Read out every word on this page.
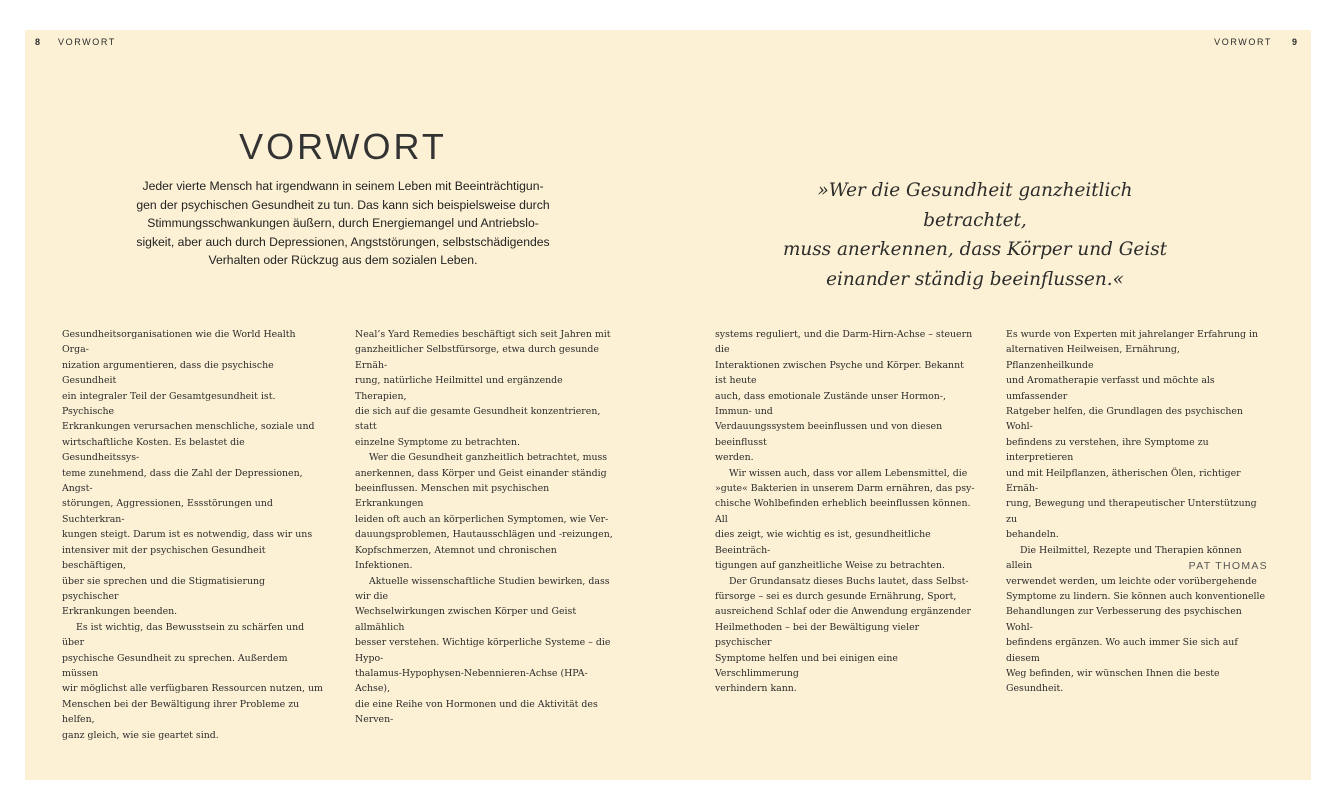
8 VORWORT	VORWORT 9
VORWORT

Jeder vierte Mensch hat irgendwann in seinem Leben mit Beeinträchtigun-
gen der psychischen Gesundheit zu tun. Das kann sich beispielsweise durch
Stimmungsschwankungen äußern, durch Energiemangel und Antriebslo-
sigkeit, aber auch durch Depressionen, Angststörungen, selbstschädigendes
Verhalten oder Rückzug aus dem sozialen Leben.

»Wer die Gesundheit ganzheitlich betrachtet,
muss anerkennen, dass Körper und Geist
einander ständig beeinflussen.«

Gesundheitsorganisationen wie die World Health Orga-
nization argumentieren, dass die psychische Gesundheit
ein integraler Teil der Gesamtgesundheit ist. Psychische
Erkrankungen verursachen menschliche, soziale und
wirtschaftliche Kosten. Es belastet die Gesundheitssys-
teme zunehmend, dass die Zahl der Depressionen, Angst-
störungen, Aggressionen, Essstörungen und Suchterkran-
kungen steigt. Darum ist es notwendig, dass wir uns
intensiver mit der psychischen Gesundheit beschäftigen,
über sie sprechen und die Stigmatisierung psychischer
Erkrankungen beenden.

Es ist wichtig, das Bewusstsein zu schärfen und über
psychische Gesundheit zu sprechen. Außerdem müssen
wir möglichst alle verfügbaren Ressourcen nutzen, um
Menschen bei der Bewältigung ihrer Probleme zu helfen,
ganz gleich, wie sie geartet sind.

Neal’s Yard Remedies beschäftigt sich seit Jahren mit
ganzheitlicher Selbstfürsorge, etwa durch gesunde Ernäh-
rung, natürliche Heilmittel und ergänzende Therapien,
die sich auf die gesamte Gesundheit konzentrieren, statt
einzelne Symptome zu betrachten.

Wer die Gesundheit ganzheitlich betrachtet, muss
anerkennen, dass Körper und Geist einander ständig
beeinflussen. Menschen mit psychischen Erkrankungen
leiden oft auch an körperlichen Symptomen, wie Ver-
dauungsproblemen, Hautausschlägen und -reizungen,
Kopfschmerzen, Atemnot und chronischen Infektionen.

Aktuelle wissenschaftliche Studien bewirken, dass wir die
Wechselwirkungen zwischen Körper und Geist allmählich
besser verstehen. Wichtige körperliche Systeme – die Hypo-
thalamus-Hypophysen-Nebennieren-Achse (HPA-Achse),
die eine Reihe von Hormonen und die Aktivität des Nerven-

systems reguliert, und die Darm-Hirn-Achse – steuern die
Interaktionen zwischen Psyche und Körper. Bekannt ist heute
auch, dass emotionale Zustände unser Hormon-, Immun- und
Verdauungssystem beeinflussen und von diesen beeinflusst
werden.

Wir wissen auch, dass vor allem Lebensmittel, die
»gute« Bakterien in unserem Darm ernähren, das psy-
chische Wohlbefinden erheblich beeinflussen können. All
dies zeigt, wie wichtig es ist, gesundheitliche Beeinträch-
tigungen auf ganzheitliche Weise zu betrachten.

Der Grundansatz dieses Buchs lautet, dass Selbst-
fürsorge – sei es durch gesunde Ernährung, Sport,
ausreichend Schlaf oder die Anwendung ergänzender
Heilmethoden – bei der Bewältigung vieler psychischer
Symptome helfen und bei einigen eine Verschlimmerung
verhindern kann.

Es wurde von Experten mit jahrelanger Erfahrung in
alternativen Heilweisen, Ernährung, Pflanzenheilkunde
und Aromatherapie verfasst und möchte als umfassender
Ratgeber helfen, die Grundlagen des psychischen Wohl-
befindens zu verstehen, ihre Symptome zu interpretieren
und mit Heilpflanzen, ätherischen Ölen, richtiger Ernäh-
rung, Bewegung und therapeutischer Unterstützung zu
behandeln.

Die Heilmittel, Rezepte und Therapien können allein
verwendet werden, um leichte oder vorübergehende
Symptome zu lindern. Sie können auch konventionelle
Behandlungen zur Verbesserung des psychischen Wohl-
befindens ergänzen. Wo auch immer Sie sich auf diesem
Weg befinden, wir wünschen Ihnen die beste Gesundheit.

PAT THOMAS
